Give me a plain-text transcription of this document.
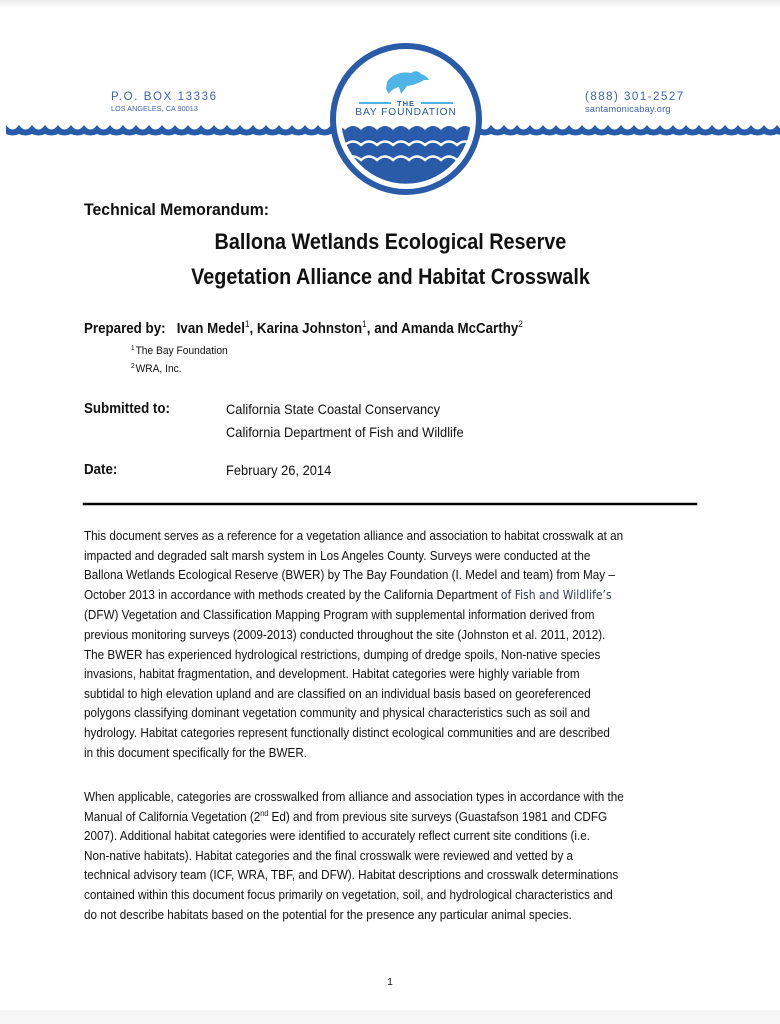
P.O. BOX 13336
LOS ANGELES, CA 90013
(888) 301-2527
santamonicabay.org
THE
BAY FOUNDATION
Technical Memorandum:
Ballona Wetlands Ecological Reserve
Vegetation Alliance and Habitat Crosswalk
Prepared by: Ivan Medel$^1$, Karina Johnston$^1$, and Amanda McCarthy$^2$
$^1$The Bay Foundation
$^2$WRA, Inc.
Submitted to:	California State Coastal Conservancy
California Department of Fish and Wildlife
Date:	February 26, 2014
This document serves as a reference for a vegetation alliance and association to habitat crosswalk at an
impacted and degraded salt marsh system in Los Angeles County. Surveys were conducted at the
Ballona Wetlands Ecological Reserve (BWER) by The Bay Foundation (I. Medel and team) from May –
October 2013 in accordance with methods created by the California Department of Fish and Wildlife’s
(DFW) Vegetation and Classification Mapping Program with supplemental information derived from
previous monitoring surveys (2009-2013) conducted throughout the site (Johnston et al. 2011, 2012).
The BWER has experienced hydrological restrictions, dumping of dredge spoils, Non-native species
invasions, habitat fragmentation, and development. Habitat categories were highly variable from
subtidal to high elevation upland and are classified on an individual basis based on georeferenced
polygons classifying dominant vegetation community and physical characteristics such as soil and
hydrology. Habitat categories represent functionally distinct ecological communities and are described
in this document specifically for the BWER.
When applicable, categories are crosswalked from alliance and association types in accordance with the
Manual of California Vegetation (2nd Ed) and from previous site surveys (Guastafson 1981 and CDFG
2007). Additional habitat categories were identified to accurately reflect current site conditions (i.e.
Non-native habitats). Habitat categories and the final crosswalk were reviewed and vetted by a
technical advisory team (ICF, WRA, TBF, and DFW). Habitat descriptions and crosswalk determinations
contained within this document focus primarily on vegetation, soil, and hydrological characteristics and
do not describe habitats based on the potential for the presence any particular animal species.
1
